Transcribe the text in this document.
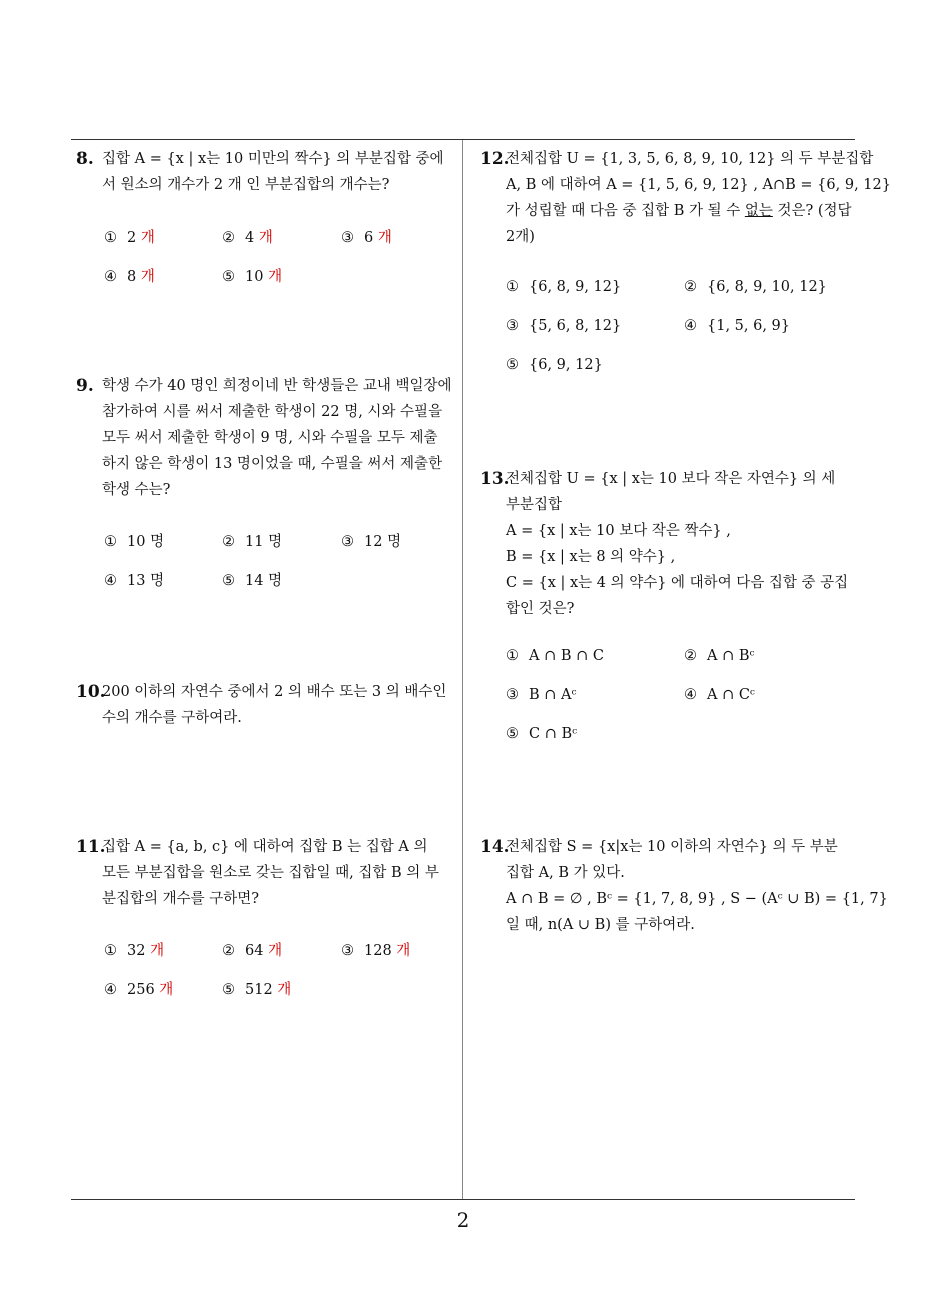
8. 집합 A = {x | x는 10 미만의 짝수} 의 부분집합 중에
서 원소의 개수가 2 개 인 부분집합의 개수는?
① 2 개	② 4 개	③ 6 개
④ 8 개	⑤ 10 개
9. 학생 수가 40 명인 희정이네 반 학생들은 교내 백일장에
참가하여 시를 써서 제출한 학생이 22 명, 시와 수필을
모두 써서 제출한 학생이 9 명, 시와 수필을 모두 제출
하지 않은 학생이 13 명이었을 때, 수필을 써서 제출한
학생 수는?
① 10 명	② 11 명	③ 12 명
④ 13 명	⑤ 14 명
10.
200 이하의 자연수 중에서 2 의 배수 또는 3 의 배수인
수의 개수를 구하여라.
11.
집합 A = {a, b, c} 에 대하여 집합 B 는 집합 A 의
모든 부분집합을 원소로 갖는 집합일 때, 집합 B 의 부
분집합의 개수를 구하면?
① 32 개	② 64 개	③ 128 개
④ 256 개	⑤ 512 개
12.
전체집합 U = {1, 3, 5, 6, 8, 9, 10, 12} 의 두 부분집합
A, B 에 대하여 A = {1, 5, 6, 9, 12} , A∩B = {6, 9, 12}
가 성립할 때 다음 중 집합 B 가 될 수 없는 것은? (정답
2개)
① {6, 8, 9, 12}	② {6, 8, 9, 10, 12}
③ {5, 6, 8, 12}	④ {1, 5, 6, 9}
⑤ {6, 9, 12}
13.
전체집합 U = {x | x는 10 보다 작은 자연수} 의 세
부분집합
A = {x | x는 10 보다 작은 짝수} ,
B = {x | x는 8 의 약수} ,
C = {x | x는 4 의 약수} 에 대하여 다음 집합 중 공집
합인 것은?
① A ∩ B ∩ C	② A ∩ Bᶜ
③ B ∩ Aᶜ	④ A ∩ Cᶜ
⑤ C ∩ Bᶜ
14.
전체집합 S = {x|x는 10 이하의 자연수} 의 두 부분
집합 A, B 가 있다.
A ∩ B = ∅ , Bᶜ = {1, 7, 8, 9} , S − (Aᶜ ∪ B) = {1, 7}
일 때, n(A ∪ B) 를 구하여라.
2
